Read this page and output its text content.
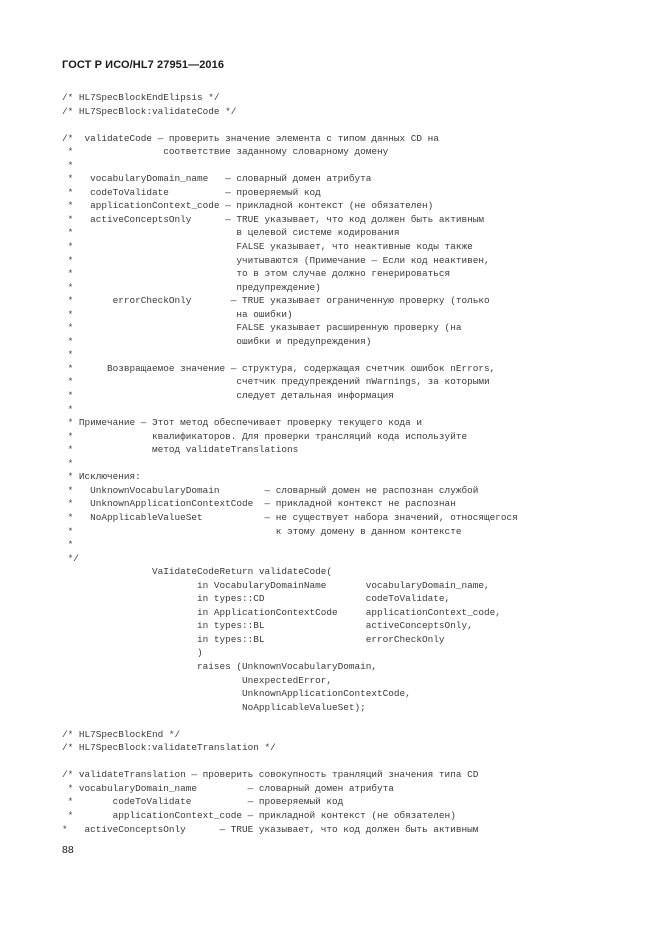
ГОСТ Р ИСО/HL7 27951—2016
/* HL7SpecBlockEndElipsis */
/* HL7SpecBlock:validateCode */

/*  validateCode — проверить значение элемента с типом данных CD на
*                соответствие заданному словарному домену
*
*   vocabularyDomain_name   — словарный домен атрибута
*   codeToValidate          — проверяемый код
*   applicationContext_code — прикладной контекст (не обязателен)
*   activeConceptsOnly      — TRUE указывает, что код должен быть активным
*                             в целевой системе кодирования
*                             FALSE указывает, что неактивные коды также
*                             учитываются (Примечание — Если код неактивен,
*                             то в этом случае должно генерироваться
*                             предупреждение)
*       errorCheckOnly       — TRUE указывает ограниченную проверку (только
*                             на ошибки)
*                             FALSE указывает расширенную проверку (на
*                             ошибки и предупреждения)
*
*      Возвращаемое значение — структура, содержащая счетчик ошибок nErrors,
*                             счетчик предупреждений nWarnings, за которыми
*                             следует детальная информация
*
* Примечание — Этот метод обеспечивает проверку текущего кода и
*              квалификаторов. Для проверки трансляций кода используйте
*              метод validateTranslations
*
* Исключения:
*   UnknownVocabularyDomain        — словарный домен не распознан службой
*   UnknownApplicationContextCode  — прикладной контекст не распознан
*   NoApplicableValueSet           — не существует набора значений, относящегося
*                                    к этому домену в данном контексте
*
*/
VaIidateCodeReturn validateCode(
in VocabularyDomainName       vocabularyDomain_name,
in types::CD                  codeToValidate,
in ApplicationContextCode     applicationContext_code,
in types::BL                  activeConceptsOnly,
in types::BL                  errorCheckOnly
)
raises (UnknownVocabularyDomain,
UnexpectedError,
UnknownApplicationContextCode,
NoApplicableValueSet);

/* HL7SpecBlockEnd */
/* HL7SpecBlock:validateTranslation */

/* validateTranslation — проверить совокупность транляций значения типа CD
* vocabularyDomain_name         — словарный домен атрибута
*       codeToValidate          — проверяемый код
*       applicationContext_code — прикладной контекст (не обязателен)
*   activeConceptsOnly      — TRUE указывает, что код должен быть активным
88
